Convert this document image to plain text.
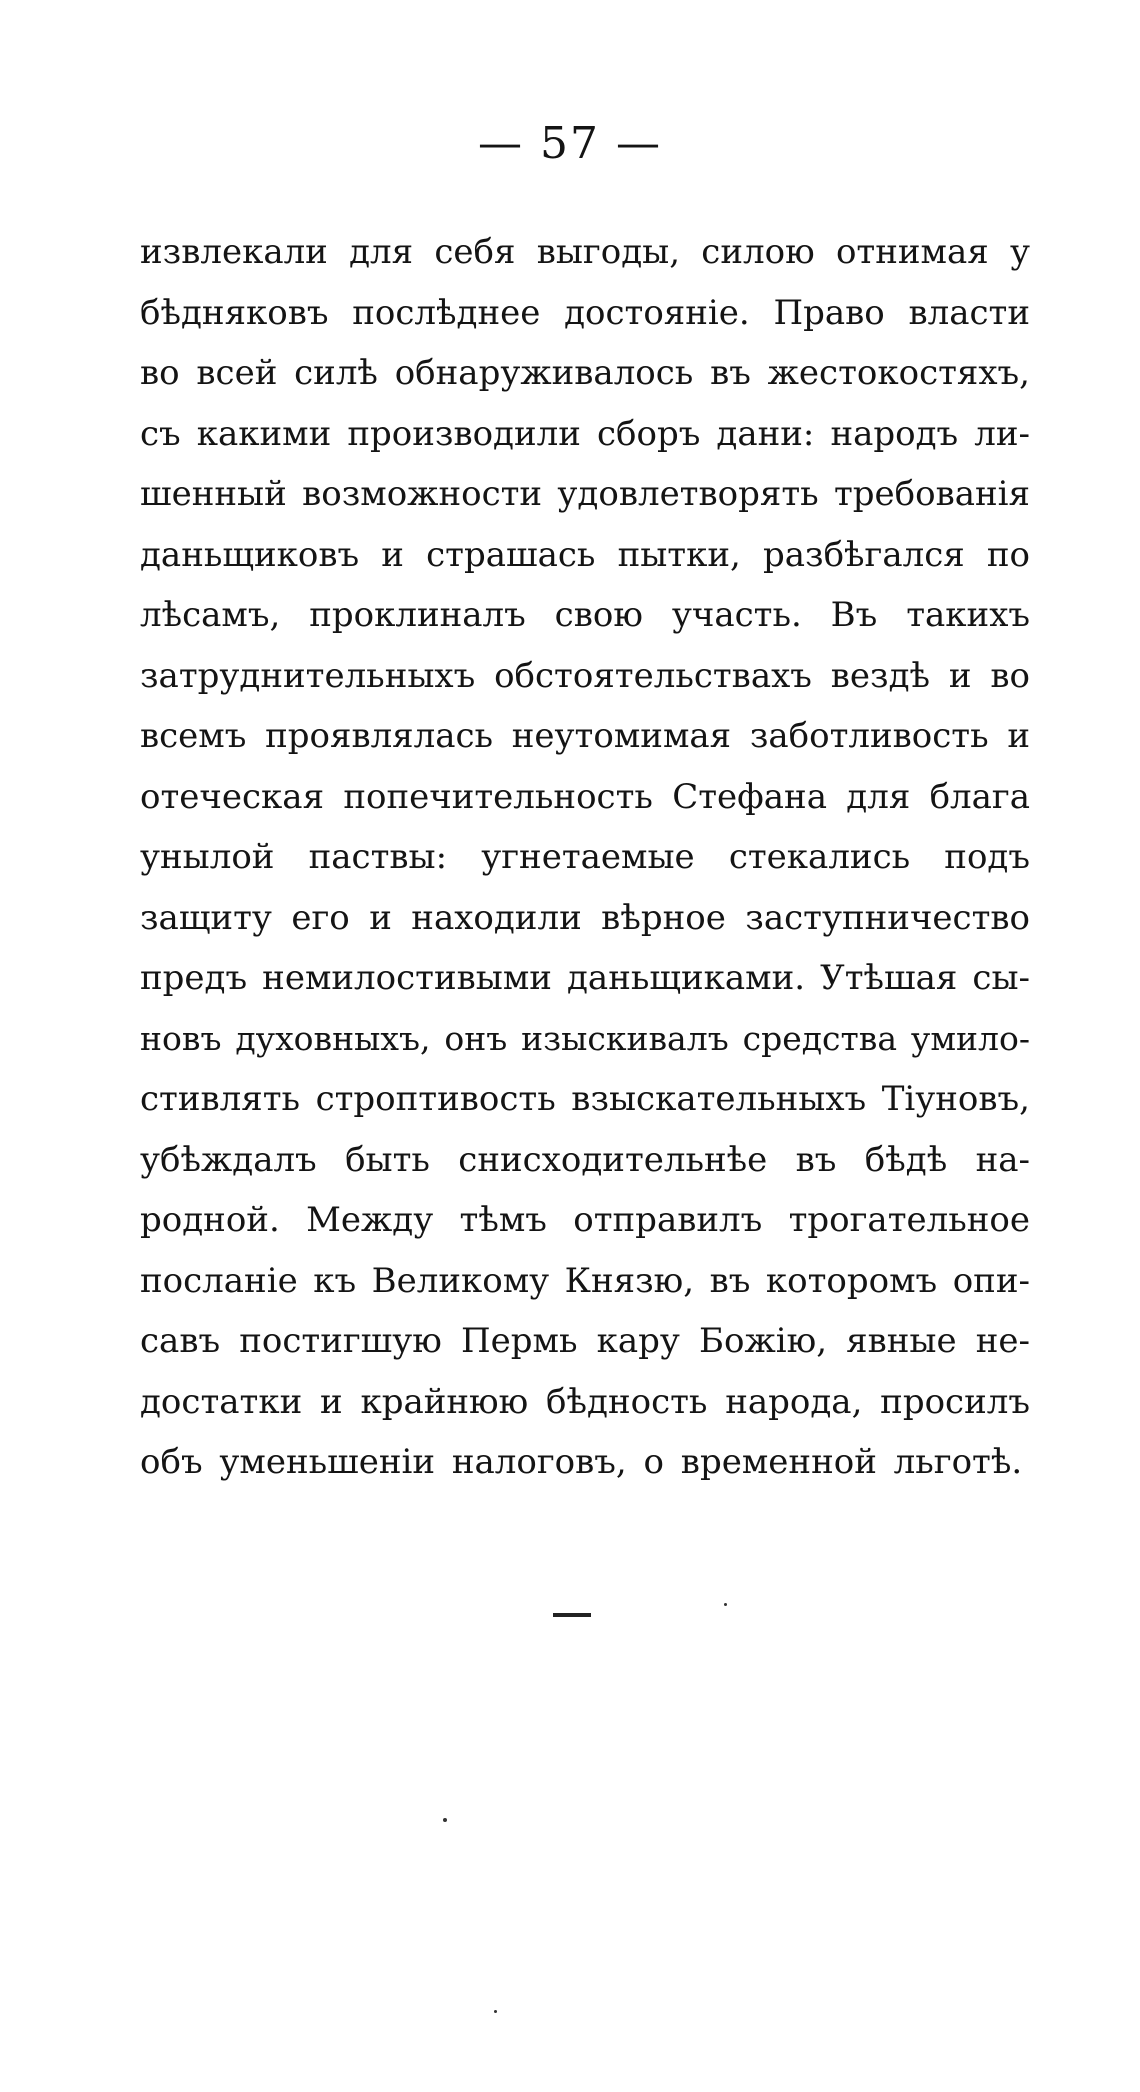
— 57 —
извлекали для себя выгоды, силою отнимая у
бѣдняковъ послѣднее достоянie. Право власти
во всей силѣ обнаруживалось въ жестокостяхъ,
съ какими производили сборъ дани: народъ ли-
шенный возможности удовлетворять требованiя
даньщиковъ и страшась пытки, разбѣгался по
лѣсамъ, проклиналъ свою участь. Въ такихъ
затруднительныхъ обстоятельствахъ вездѣ и во
всемъ проявлялась неутомимая заботливость и
отеческая попечительность Стефана для блага
унылой паствы: угнетаемые стекались подъ
защиту его и находили вѣрное заступничество
предъ немилостивыми даньщиками. Утѣшая сы-
новъ духовныхъ, онъ изыскивалъ средства умило-
стивлять строптивость взыскательныхъ Тiуновъ,
убѣждалъ быть снисходительнѣе въ бѣдѣ на-
родной. Между тѣмъ отправилъ трогательное
посланiе къ Великому Князю, въ которомъ опи-
савъ постигшую Пермь кару Божiю, явные не-
достатки и крайнюю бѣдность народа, просилъ
объ уменьшенiи налоговъ, о временной льготѣ.
